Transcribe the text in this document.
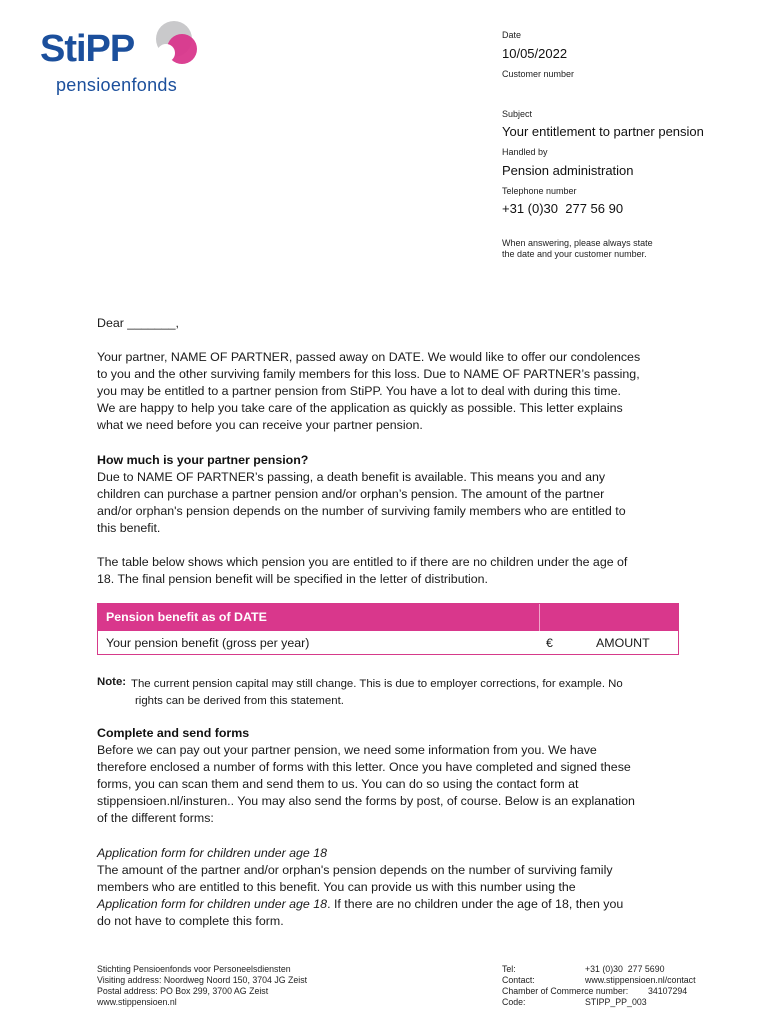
StiPP
pensioenfonds
Date
10/05/2022
Customer number
Subject
Your entitlement to partner pension
Handled by
Pension administration
Telephone number
+31 (0)30  277 56 90
When answering, please always state
the date and your customer number.
Dear _______,
Your partner, NAME OF PARTNER, passed away on DATE. We would like to offer our condolences
to you and the other surviving family members for this loss. Due to NAME OF PARTNER’s passing,
you may be entitled to a partner pension from StiPP. You have a lot to deal with during this time.
We are happy to help you take care of the application as quickly as possible. This letter explains
what we need before you can receive your partner pension.
How much is your partner pension?
Due to NAME OF PARTNER’s passing, a death benefit is available. This means you and any
children can purchase a partner pension and/or orphan’s pension. The amount of the partner
and/or orphan's pension depends on the number of surviving family members who are entitled to
this benefit.
The table below shows which pension you are entitled to if there are no children under the age of
18. The final pension benefit will be specified in the letter of distribution.
Pension benefit as of DATE
Your pension benefit (gross per year)	€	AMOUNT
Note: The current pension capital may still change. This is due to employer corrections, for example. No
rights can be derived from this statement.
Complete and send forms
Before we can pay out your partner pension, we need some information from you. We have
therefore enclosed a number of forms with this letter. Once you have completed and signed these
forms, you can scan them and send them to us. You can do so using the contact form at
stippensioen.nl/insturen.. You may also send the forms by post, of course. Below is an explanation
of the different forms:
Application form for children under age 18
The amount of the partner and/or orphan's pension depends on the number of surviving family
members who are entitled to this benefit. You can provide us with this number using the
Application form for children under age 18. If there are no children under the age of 18, then you
do not have to complete this form.
Stichting Pensioenfonds voor Personeelsdiensten
Visiting address: Noordweg Noord 150, 3704 JG Zeist
Postal address: PO Box 299, 3700 AG Zeist
www.stippensioen.nl
Tel:
Contact:
Chamber of Commerce number:
Code:
+31 (0)30  277 5690
www.stippensioen.nl/contact
34107294
STIPP_PP_003
